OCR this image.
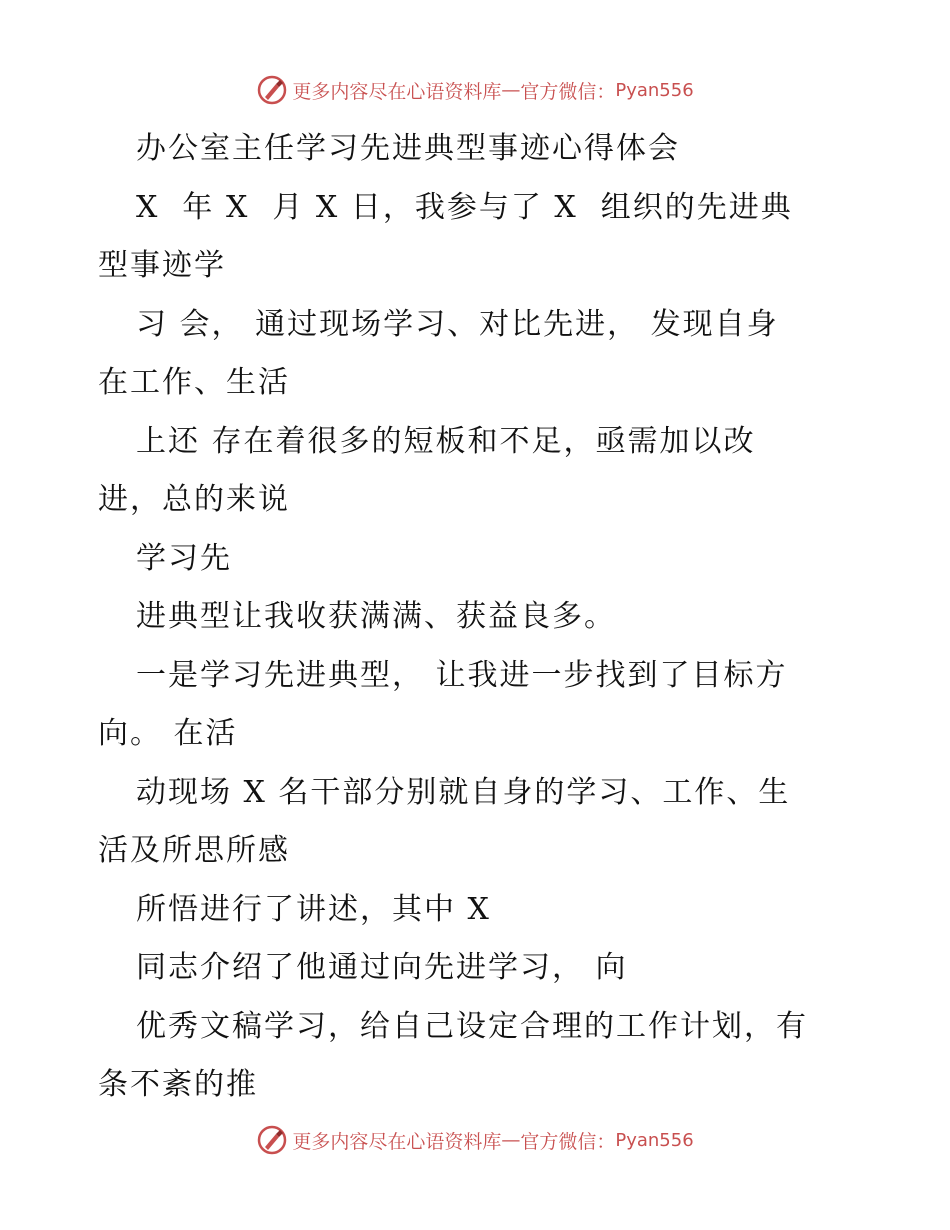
更多内容尽在心语资料库 — 官方微信： Pyan556
办公室主任学习先进典型事迹心得体会
X  年 X  月 X 日，我参与了 X  组织的先进典
型事迹学
习 会， 通过现场学习、对比先进， 发现自身
在工作、生活
上还 存在着很多的短板和不足，亟需加以改
进，总的来说
学习先
进典型让我收获满满、获益良多。
一是学习先进典型， 让我进一步找到了目标方
向。 在活
动现场 X 名干部分别就自身的学习、工作、生
活及所思所感
所悟进行了讲述，其中 X
同志介绍了他通过向先进学习， 向
优秀文稿学习，给自己设定合理的工作计划，有
条不紊的推
更多内容尽在心语资料库 — 官方微信： Pyan556
